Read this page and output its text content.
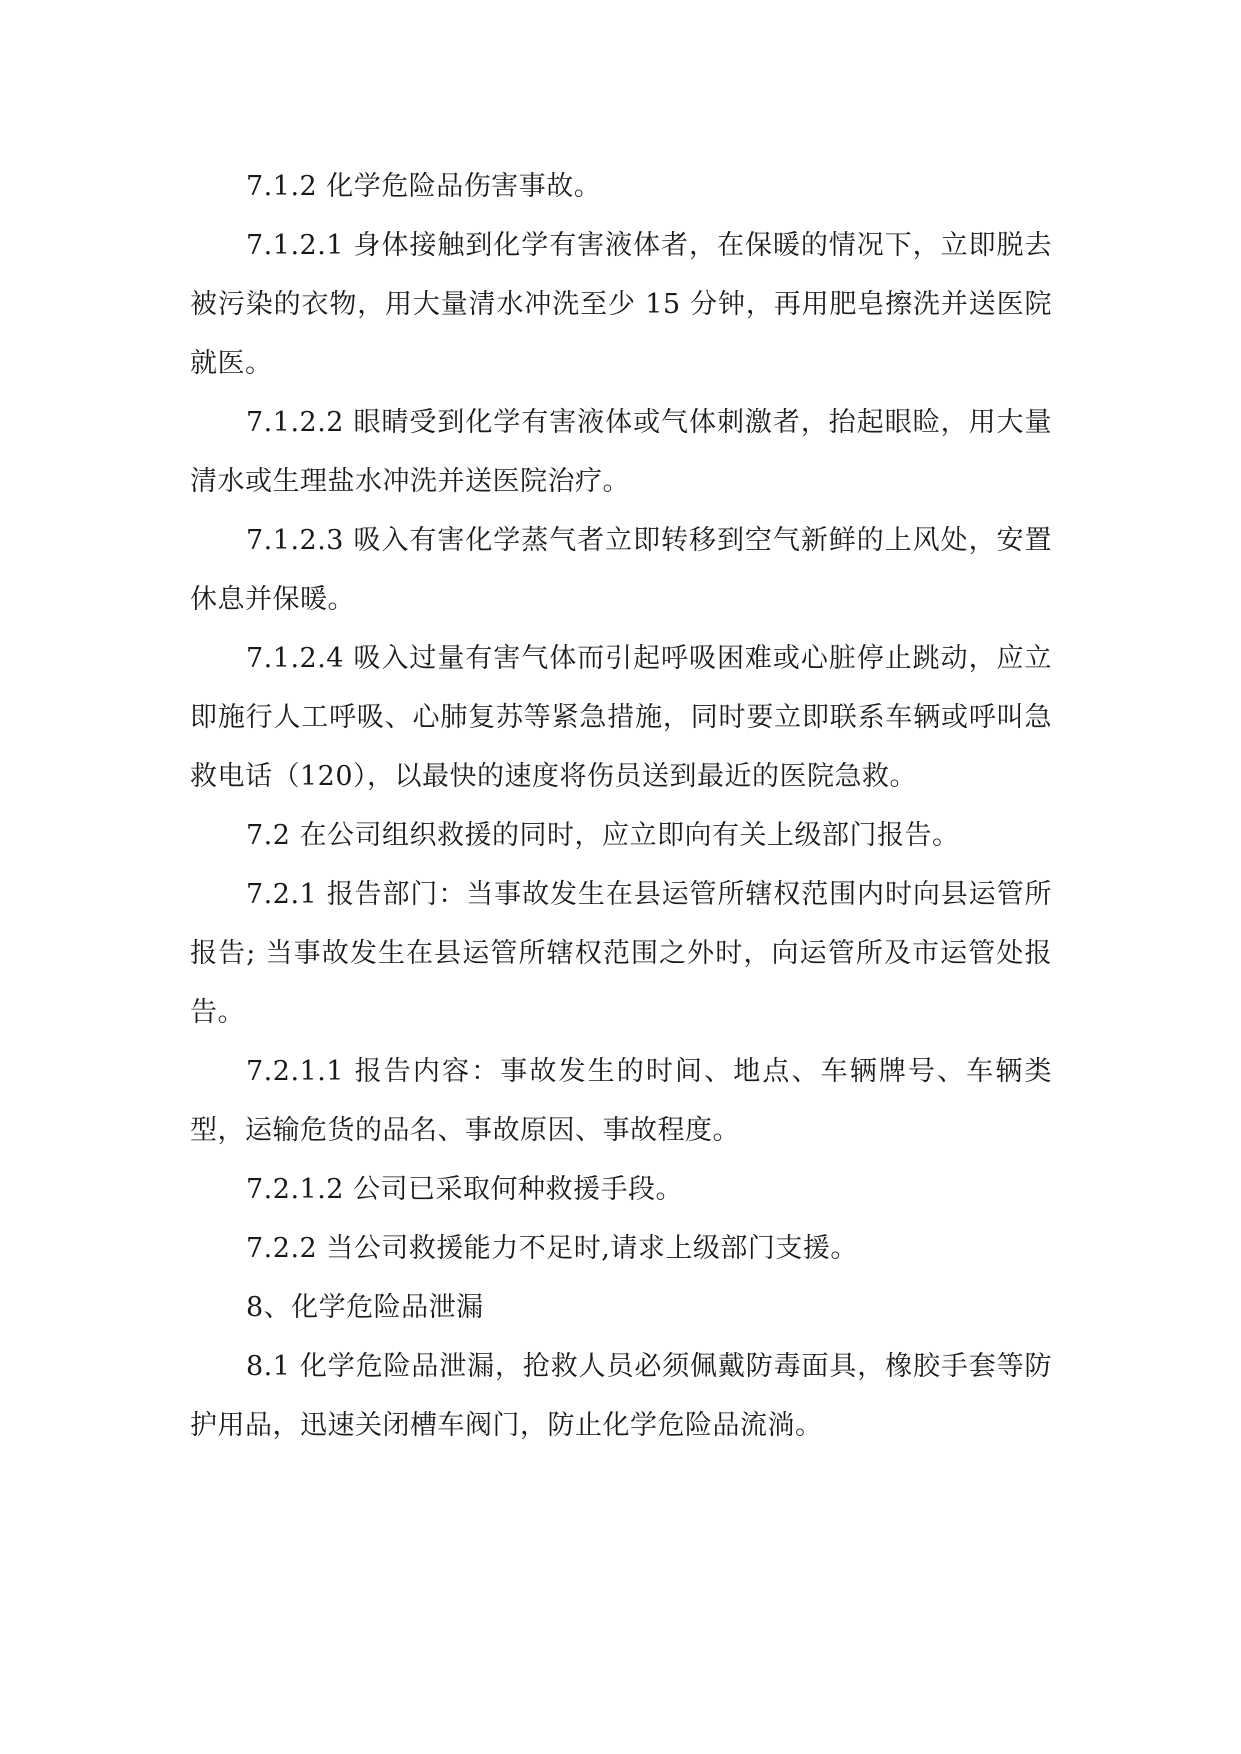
7.1.2 化学危险品伤害事故。

7.1.2.1 身体接触到化学有害液体者，在保暖的情况下，立即脱去被污染的衣物，用大量清水冲洗至少 15 分钟，再用肥皂擦洗并送医院就医。

7.1.2.2 眼睛受到化学有害液体或气体刺激者，抬起眼睑，用大量清水或生理盐水冲洗并送医院治疗。

7.1.2.3 吸入有害化学蒸气者立即转移到空气新鲜的上风处，安置休息并保暖。

7.1.2.4 吸入过量有害气体而引起呼吸困难或心脏停止跳动，应立即施行人工呼吸、心肺复苏等紧急措施，同时要立即联系车辆或呼叫急救电话（120），以最快的速度将伤员送到最近的医院急救。

7.2 在公司组织救援的同时，应立即向有关上级部门报告。

7.2.1 报告部门：当事故发生在县运管所辖权范围内时向县运管所报告; 当事故发生在县运管所辖权范围之外时，向运管所及市运管处报告。

7.2.1.1 报告内容：事故发生的时间、地点、车辆牌号、车辆类型，运输危货的品名、事故原因、事故程度。

7.2.1.2 公司已采取何种救援手段。

7.2.2 当公司救援能力不足时,请求上级部门支援。

8、化学危险品泄漏

8.1 化学危险品泄漏，抢救人员必须佩戴防毒面具，橡胶手套等防护用品，迅速关闭槽车阀门，防止化学危险品流淌。
